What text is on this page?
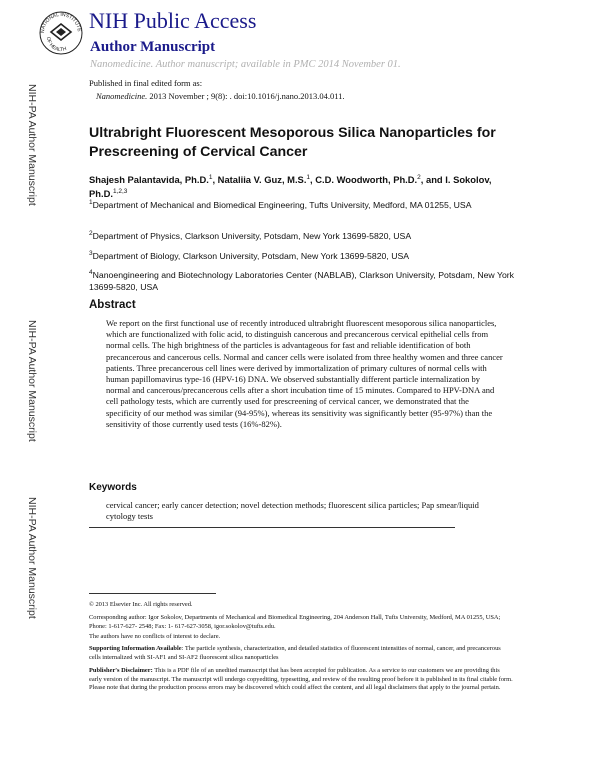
NATIONAL INSTITUTE
OF HEALTH
NIH Public Access
Author Manuscript
Nanomedicine. Author manuscript; available in PMC 2014 November 01.
Published in final edited form as:
Nanomedicine. 2013 November ; 9(8): . doi:10.1016/j.nano.2013.04.011.
NIH-PA Author Manuscript
NIH-PA Author Manuscript
NIH-PA Author Manuscript
Ultrabright Fluorescent Mesoporous Silica Nanoparticles for Prescreening of Cervical Cancer
Shajesh Palantavida, Ph.D.$^1$, Nataliia V. Guz, M.S.$^1$, C.D. Woodworth, Ph.D.$^2$, and I. Sokolov, Ph.D.$^{1,2,3}$
$^1$Department of Mechanical and Biomedical Engineering, Tufts University, Medford, MA 01255, USA
$^2$Department of Physics, Clarkson University, Potsdam, New York 13699-5820, USA
$^3$Department of Biology, Clarkson University, Potsdam, New York 13699-5820, USA
$^4$Nanoengineering and Biotechnology Laboratories Center (NABLAB), Clarkson University, Potsdam, New York 13699-5820, USA
Abstract
We report on the first functional use of recently introduced ultrabright fluorescent mesoporous silica nanoparticles, which are functionalized with folic acid, to distinguish cancerous and precancerous cervical epithelial cells from normal cells. The high brightness of the particles is advantageous for fast and reliable identification of both precancerous and cancerous cells. Normal and cancer cells were isolated from three healthy women and three cancer patients. Three precancerous cell lines were derived by immortalization of primary cultures of normal cells with human papillomavirus type-16 (HPV-16) DNA. We observed substantially different particle internalization by normal and cancerous/precancerous cells after a short incubation time of 15 minutes. Compared to HPV-DNA and cell pathology tests, which are currently used for prescreening of cervical cancer, we demonstrated that the specificity of our method was similar (94-95%), whereas its sensitivity was significantly better (95-97%) than the sensitivity of those currently used tests (16%-82%).
Keywords
cervical cancer; early cancer detection; novel detection methods; fluorescent silica particles; Pap smear/liquid cytology tests
© 2013 Elsevier Inc. All rights reserved.
Corresponding author: Igor Sokolov, Departments of Mechanical and Biomedical Engineering, 204 Anderson Hall, Tufts University, Medford, MA 01255, USA; Phone: 1-617-627- 2548; Fax: 1- 617-627-3058, igor.sokolov@tufts.edu.
The authors have no conflicts of interest to declare.
Supporting Information Available: The particle synthesis, characterization, and detailed statistics of fluorescent intensities of normal, cancer, and precancerous cells internalized with SI-AF1 and SI-AF2 fluorescent silica nanoparticles
Publisher's Disclaimer: This is a PDF file of an unedited manuscript that has been accepted for publication. As a service to our customers we are providing this early version of the manuscript. The manuscript will undergo copyediting, typesetting, and review of the resulting proof before it is published in its final citable form. Please note that during the production process errors may be discovered which could affect the content, and all legal disclaimers that apply to the journal pertain.
